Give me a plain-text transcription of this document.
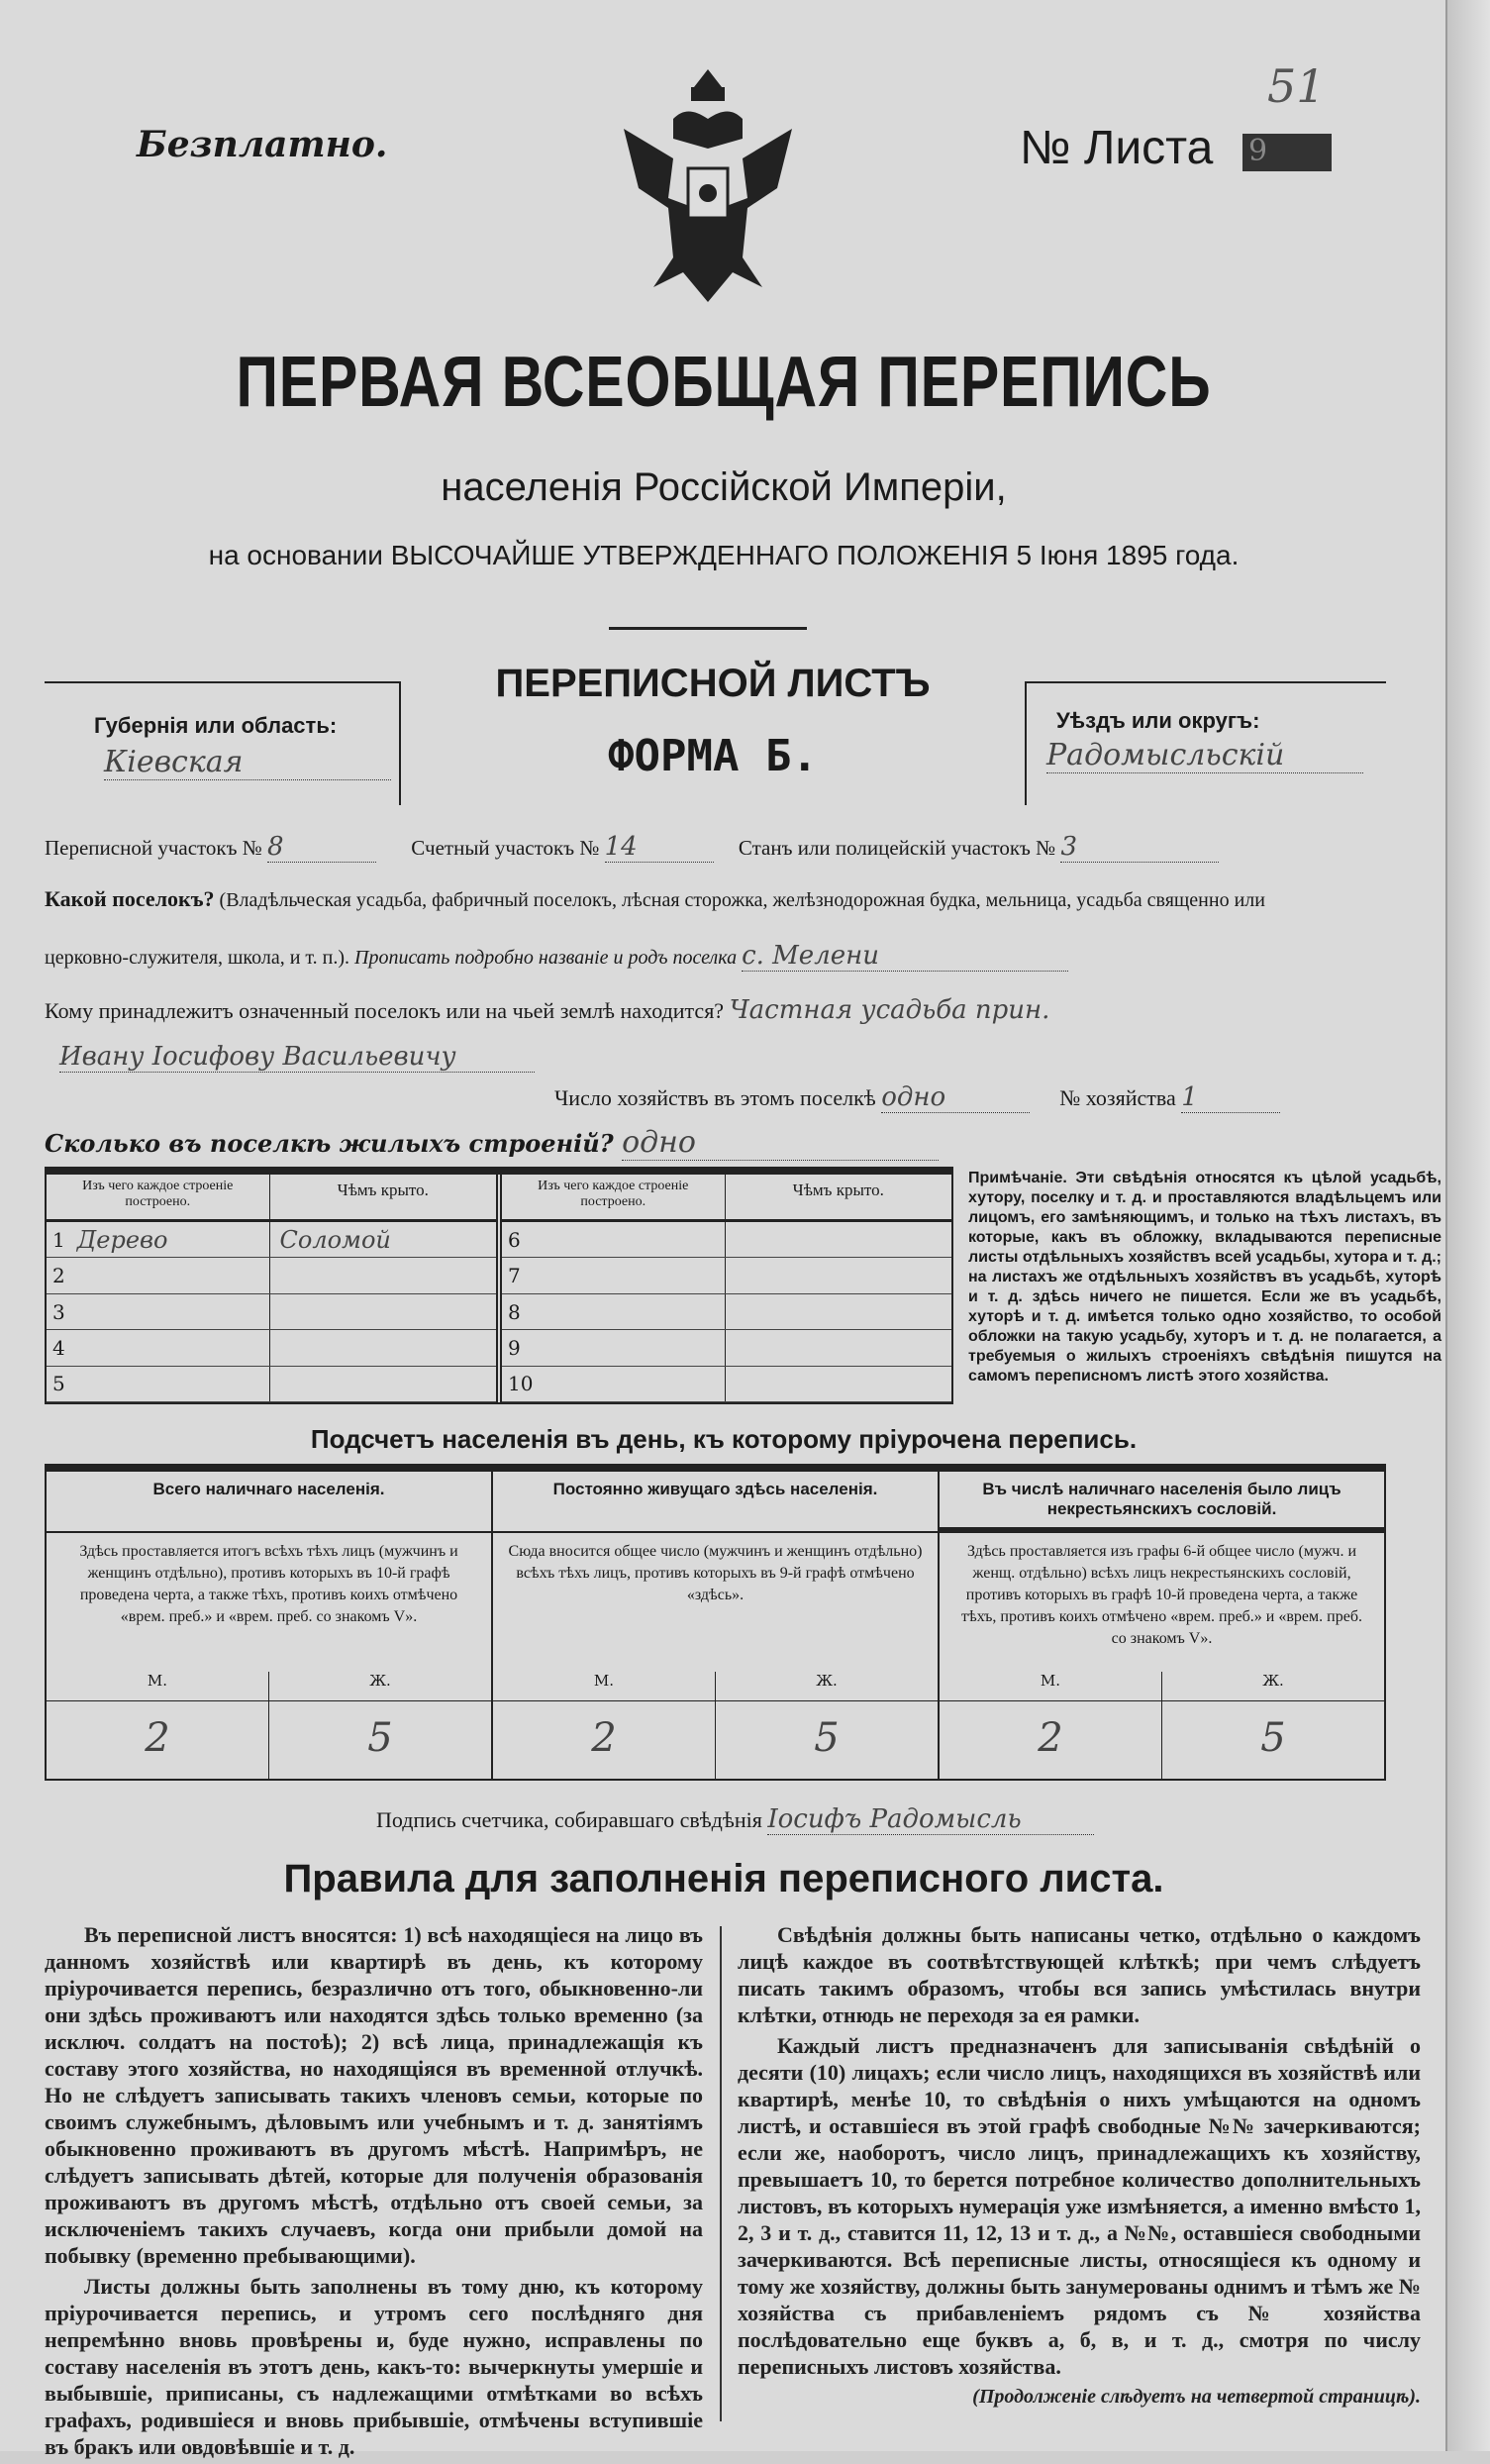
Безплатно.	№ Листа 9
51
ПЕРВАЯ ВСЕОБЩАЯ ПЕРЕПИСЬ
населенія Россійской Имперіи,
на основании ВЫСОЧАЙШЕ УТВЕРЖДЕННАГО ПОЛОЖЕНІЯ 5 Іюня 1895 года.
Губернія или область:
Кіевская
ПЕРЕПИСНОЙ ЛИСТЪ
ФОРМА Б.
Уѣздъ или округъ:
Радомысльскій
Переписной участокъ № 8	Счетный участокъ № 14	Станъ или полицейскій участокъ № 3
Какой поселокъ? (Владѣльческая усадьба, фабричный поселокъ, лѣсная сторожка, желѣзнодорожная будка, мельница, усадьба священно или
церковно-служителя, школа, и т. п.). Прописать подробно названіе и родъ поселка с. Мелени
Кому принадлежитъ означенный поселокъ или на чьей землѣ находится? Частная усадьба прин.
Ивану Iосифову Васильевичу
Число хозяйствъ въ этомъ поселкѣ одно	№ хозяйства 1
Сколько въ поселкѣ жилыхъ строеній? одно
Изъ чего каждое строеніе построено.
Чѣмъ крыто.
1 Дерево	Соломой
2
3
4
5
Изъ чего каждое строеніе построено.
Чѣмъ крыто.
6
7
8
9
10
Примѣчаніе. Эти свѣдѣнія относятся къ цѣлой усадьбѣ, хутору, поселку и т. д. и проставляются владѣльцемъ или лицомъ, его замѣняющимъ, и только на тѣхъ листахъ, въ которые, какъ въ обложку, вкладываются переписные листы отдѣльныхъ хозяйствъ всей усадьбы, хутора и т. д.; на листахъ же отдѣльныхъ хозяйствъ въ усадьбѣ, хуторѣ и т. д. здѣсь ничего не пишется. Если же въ усадьбѣ, хуторѣ и т. д. имѣется только одно хозяйство, то особой обложки на такую усадьбу, хуторъ и т. д. не полагается, а требуемыя о жилыхъ строеніяхъ свѣдѣнія пишутся на самомъ переписномъ листѣ этого хозяйства.
Подсчетъ населенія въ день, къ которому пріурочена перепись.
Всего наличнаго населенія.
Здѣсь проставляется итогъ всѣхъ тѣхъ лицъ (мужчинъ и женщинъ отдѣльно), противъ которыхъ въ 10-й графѣ проведена черта, а также тѣхъ, противъ коихъ отмѣчено «врем. преб.» и «врем. преб. со знакомъ V».
М.	Ж.
2	5
Постоянно живущаго здѣсь населенія.
Сюда вносится общее число (мужчинъ и женщинъ отдѣльно) всѣхъ тѣхъ лицъ, противъ которыхъ въ 9-й графѣ отмѣчено «здѣсь».
М.	Ж.
2	5
Въ числѣ наличнаго населенія было лицъ некрестьянскихъ сословій.
Здѣсь проставляется изъ графы 6-й общее число (мужч. и женщ. отдѣльно) всѣхъ лицъ некрестьянскихъ сословій, противъ которыхъ въ графѣ 10-й проведена черта, а также тѣхъ, противъ коихъ отмѣчено «врем. преб.» и «врем. преб. со знакомъ V».
М.	Ж.
2	5
Подпись счетчика, собиравшаго свѣдѣнія Iосифъ Радомысль
Правила для заполненія переписного листа.

Въ переписной листъ вносятся: 1) всѣ находящіеся на лицо въ данномъ хозяйствѣ или квартирѣ въ день, къ которому пріурочивается перепись, безразлично отъ того, обыкновенно-ли они здѣсь проживаютъ или находятся здѣсь только временно (за исключ. солдатъ на постоѣ); 2) всѣ лица, принадлежащія къ составу этого хозяйства, но находящіяся въ временной отлучкѣ. Но не слѣдуетъ записывать такихъ членовъ семьи, которые по своимъ служебнымъ, дѣловымъ или учебнымъ и т. д. занятіямъ обыкновенно проживаютъ въ другомъ мѣстѣ. Напримѣръ, не слѣдуетъ записывать дѣтей, которые для полученія образованія проживаютъ въ другомъ мѣстѣ, отдѣльно отъ своей семьи, за исключеніемъ такихъ случаевъ, когда они прибыли домой на побывку (временно пребывающими).

Листы должны быть заполнены въ тому дню, къ которому пріурочивается перепись, и утромъ сего послѣдняго дня непремѣнно вновь провѣрены и, буде нужно, исправлены по составу населенія въ этотъ день, какъ-то: вычеркнуты умершіе и выбывшіе, приписаны, съ надлежащими отмѣтками во всѣхъ графахъ, родившіеся и вновь прибывшіе, отмѣчены вступившіе въ бракъ или овдовѣвшіе и т. д.

Свѣдѣнія должны быть написаны четко, отдѣльно о каждомъ лицѣ каждое въ соотвѣтствующей клѣткѣ; при чемъ слѣдуетъ писать такимъ образомъ, чтобы вся запись умѣстилась внутри клѣтки, отнюдь не переходя за ея рамки.

Каждый листъ предназначенъ для записыванія свѣдѣній о десяти (10) лицахъ; если число лицъ, находящихся въ хозяйствѣ или квартирѣ, менѣе 10, то свѣдѣнія о нихъ умѣщаются на одномъ листѣ, и оставшіеся въ этой графѣ свободные №№ зачеркиваются; если же, наоборотъ, число лицъ, принадлежащихъ къ хозяйству, превышаетъ 10, то берется потребное количество дополнительныхъ листовъ, въ которыхъ нумерація уже измѣняется, а именно вмѣсто 1, 2, 3 и т. д., ставится 11, 12, 13 и т. д., а №№, оставшіеся свободными зачеркиваются. Всѣ переписные листы, относящіеся къ одному и тому же хозяйству, должны быть занумерованы однимъ и тѣмъ же № хозяйства съ прибавленіемъ рядомъ съ № хозяйства послѣдовательно еще буквъ а, б, в, и т. д., смотря по числу переписныхъ листовъ хозяйства.

(Продолженіе слѣдуетъ на четвертой страницѣ).
